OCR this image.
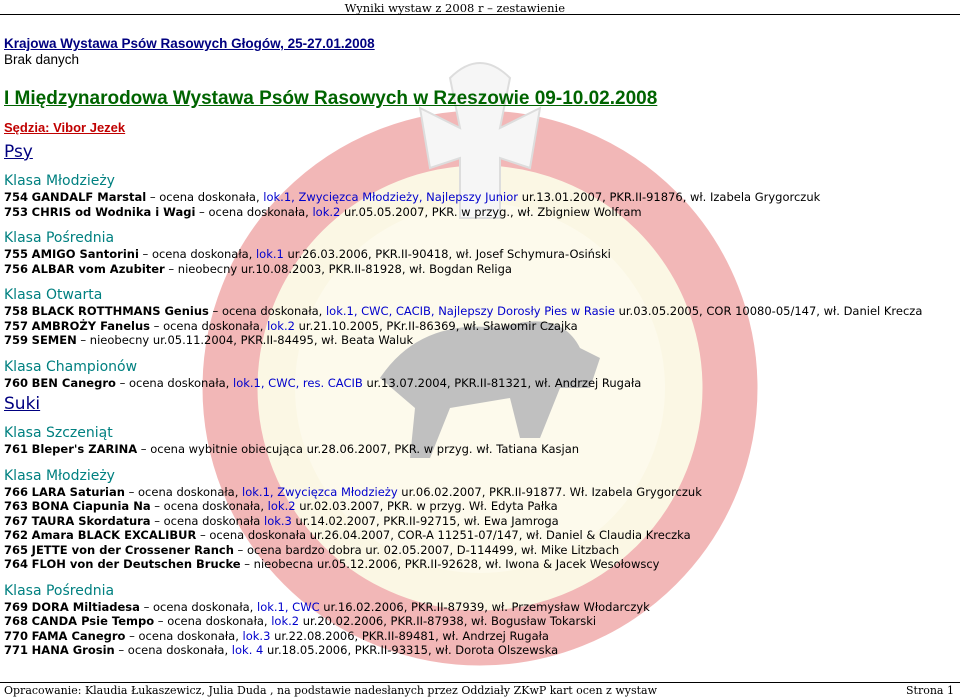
Wyniki wystaw z 2008 r – zestawienie
Krajowa Wystawa Psów Rasowych Głogów, 25-27.01.2008
Brak danych
I Międzynarodowa Wystawa Psów Rasowych w Rzeszowie 09-10.02.2008
Sędzia: Vibor Jezek
Psy
Klasa Młodzieży
754 GANDALF Marstal – ocena doskonała, lok.1, Zwycięzca Młodzieży, Najlepszy Junior ur.13.01.2007, PKR.II-91876, wł. Izabela Grygorczuk
753 CHRIS od Wodnika i Wagi – ocena doskonała, lok.2 ur.05.05.2007, PKR. w przyg., wł. Zbigniew Wolfram
Klasa Pośrednia
755 AMIGO Santorini – ocena doskonała, lok.1 ur.26.03.2006, PKR.II-90418, wł. Josef Schymura-Osiński
756 ALBAR vom Azubiter – nieobecny ur.10.08.2003, PKR.II-81928, wł. Bogdan Religa
Klasa Otwarta
758 BLACK ROTTHMANS Genius – ocena doskonała, lok.1, CWC, CACIB, Najlepszy Dorosły Pies w Rasie ur.03.05.2005, COR 10080-05/147, wł. Daniel Krecza
757 AMBROŻY Fanelus – ocena doskonała, lok.2 ur.21.10.2005, PKr.II-86369, wł. Sławomir Czajka
759 SEMEN – nieobecny ur.05.11.2004, PKR.II-84495, wł. Beata Waluk
Klasa Championów
760 BEN Canegro – ocena doskonała, lok.1, CWC, res. CACIB ur.13.07.2004, PKR.II-81321, wł. Andrzej Rugała
Suki
Klasa Szczeniąt
761 Bleper's ZARINA – ocena wybitnie obiecująca ur.28.06.2007, PKR. w przyg. wł. Tatiana Kasjan
Klasa Młodzieży
766 LARA Saturian – ocena doskonała, lok.1, Zwycięzca Młodzieży ur.06.02.2007, PKR.II-91877. Wł. Izabela Grygorczuk
763 BONA Ciapunia Na – ocena doskonała, lok.2 ur.02.03.2007, PKR. w przyg. Wł. Edyta Pałka
767 TAURA Skordatura – ocena doskonała lok.3 ur.14.02.2007, PKR.II-92715, wł. Ewa Jamroga
762 Amara BLACK EXCALIBUR – ocena doskonała ur.26.04.2007, COR-A 11251-07/147, wł. Daniel & Claudia Kreczka
765 JETTE von der Crossener Ranch – ocena bardzo dobra ur. 02.05.2007, D-114499, wł. Mike Litzbach
764 FLOH von der Deutschen Brucke – nieobecna ur.05.12.2006, PKR.II-92628, wł. Iwona & Jacek Wesołowscy
Klasa Pośrednia
769 DORA Miltiadesa – ocena doskonała, lok.1, CWC ur.16.02.2006, PKR.II-87939, wł. Przemysław Włodarczyk
768 CANDA Psie Tempo – ocena doskonała, lok.2 ur.20.02.2006, PKR.II-87938, wł. Bogusław Tokarski
770 FAMA Canegro – ocena doskonała, lok.3 ur.22.08.2006, PKR.II-89481, wł. Andrzej Rugała
771 HANA Grosin – ocena doskonała, lok. 4 ur.18.05.2006, PKR.II-93315, wł. Dorota Olszewska
Opracowanie: Klaudia Łukaszewicz, Julia Duda , na podstawie nadesłanych przez Oddziały ZKwP kart ocen z wystaw	Strona 1
